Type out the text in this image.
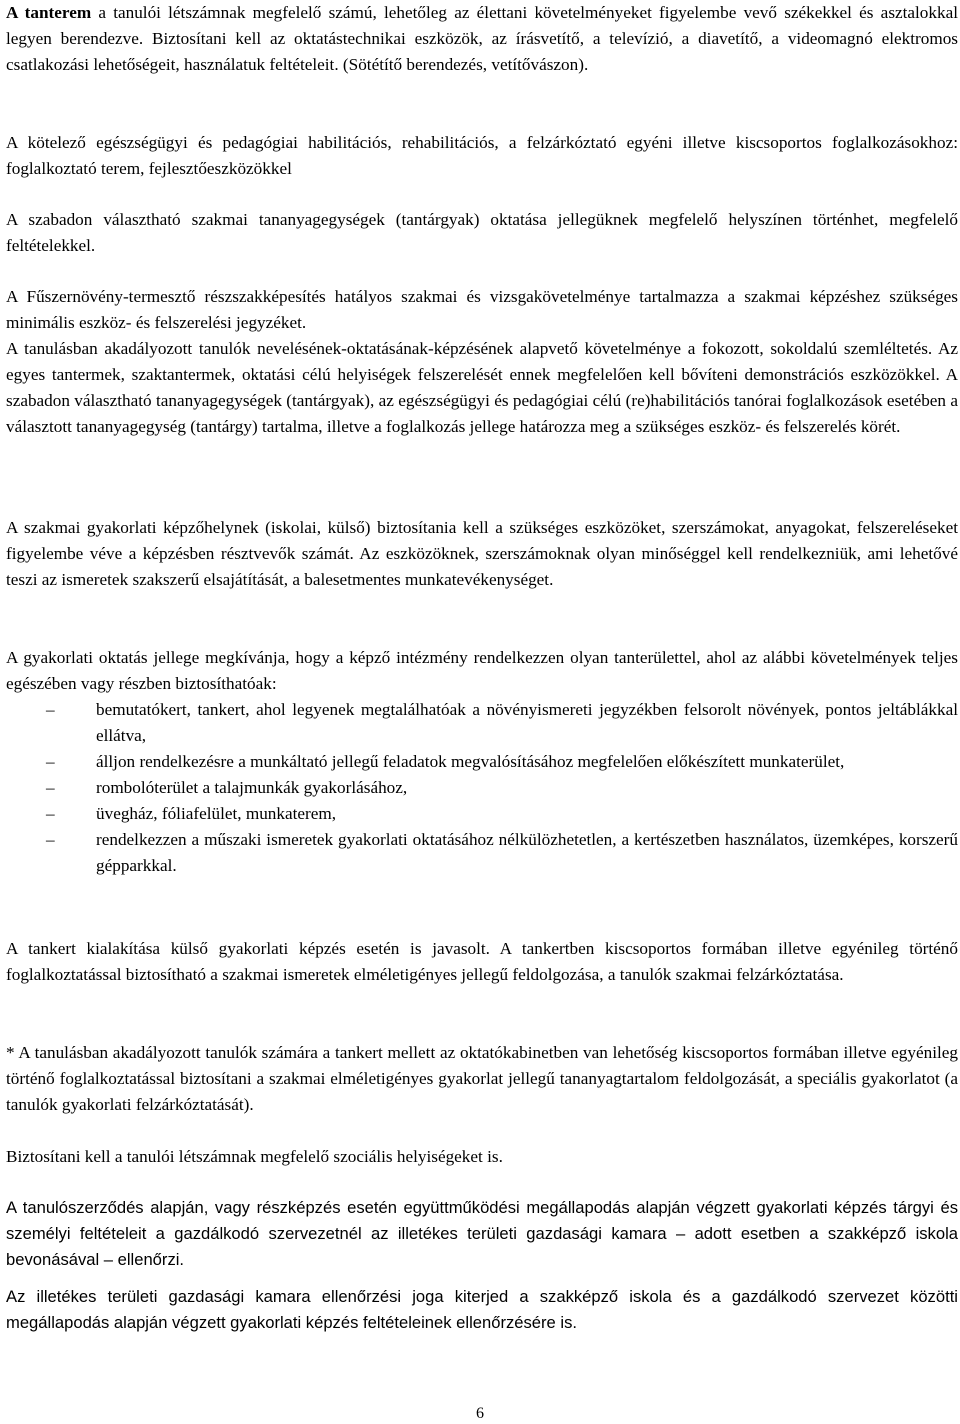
A tanterem a tanulói létszámnak megfelelő számú, lehetőleg az élettani követelményeket figyelembe vevő székekkel és asztalokkal legyen berendezve. Biztosítani kell az oktatástechnikai eszközök, az írásvetítő, a televízió, a diavetítő, a videomagnó elektromos csatlakozási lehetőségeit, használatuk feltételeit. (Sötétítő berendezés, vetítővászon).
A kötelező egészségügyi és pedagógiai habilitációs, rehabilitációs, a felzárkóztató egyéni illetve kiscsoportos foglalkozásokhoz: foglalkoztató terem, fejlesztőeszközökkel
A szabadon választható szakmai tananyagegységek (tantárgyak) oktatása jellegüknek megfelelő helyszínen történhet, megfelelő feltételekkel.
A Fűszernövény-termesztő részszakképesítés hatályos szakmai és vizsgakövetelménye tartalmazza a szakmai képzéshez szükséges minimális eszköz- és felszerelési jegyzéket.
A tanulásban akadályozott tanulók nevelésének-oktatásának-képzésének alapvető követelménye a fokozott, sokoldalú szemléltetés. Az egyes tantermek, szaktantermek, oktatási célú helyiségek felszerelését ennek megfelelően kell bővíteni demonstrációs eszközökkel. A szabadon választható tananyagegységek (tantárgyak), az egészségügyi és pedagógiai célú (re)habilitációs tanórai foglalkozások esetében a választott tananyagegység (tantárgy) tartalma, illetve a foglalkozás jellege határozza meg a szükséges eszköz- és felszerelés körét.
A szakmai gyakorlati képzőhelynek (iskolai, külső) biztosítania kell a szükséges eszközöket, szerszámokat, anyagokat, felszereléseket figyelembe véve a képzésben résztvevők számát. Az eszközöknek, szerszámoknak olyan minőséggel kell rendelkezniük, ami lehetővé teszi az ismeretek szakszerű elsajátítását, a balesetmentes munkatevékenységet.
A gyakorlati oktatás jellege megkívánja, hogy a képző intézmény rendelkezzen olyan tanterülettel, ahol az alábbi követelmények teljes egészében vagy részben biztosíthatóak:
– bemutatókert, tankert, ahol legyenek megtalálhatóak a növényismereti jegyzékben felsorolt növények, pontos jeltáblákkal ellátva,
– álljon rendelkezésre a munkáltató jellegű feladatok megvalósításához megfelelően előkészített munkaterület,
– rombolóterület a talajmunkák gyakorlásához,
– üvegház, fóliafelület, munkaterem,
– rendelkezzen a műszaki ismeretek gyakorlati oktatásához nélkülözhetetlen, a kertészetben használatos, üzemképes, korszerű gépparkkal.
A tankert kialakítása külső gyakorlati képzés esetén is javasolt. A tankertben kiscsoportos formában illetve egyénileg történő foglalkoztatással biztosítható a szakmai ismeretek elméletigényes jellegű feldolgozása, a tanulók szakmai felzárkóztatása.
* A tanulásban akadályozott tanulók számára a tankert mellett az oktatókabinetben van lehetőség kiscsoportos formában illetve egyénileg történő foglalkoztatással biztosítani a szakmai elméletigényes gyakorlat jellegű tananyagtartalom feldolgozását, a speciális gyakorlatot (a tanulók gyakorlati felzárkóztatását).
Biztosítani kell a tanulói létszámnak megfelelő szociális helyiségeket is.
A tanulószerződés alapján, vagy részképzés esetén együttműködési megállapodás alapján végzett gyakorlati képzés tárgyi és személyi feltételeit a gazdálkodó szervezetnél az illetékes területi gazdasági kamara – adott esetben a szakképző iskola bevonásával – ellenőrzi.
Az illetékes területi gazdasági kamara ellenőrzési joga kiterjed a szakképző iskola és a gazdálkodó szervezet közötti megállapodás alapján végzett gyakorlati képzés feltételeinek ellenőrzésére is.
6
